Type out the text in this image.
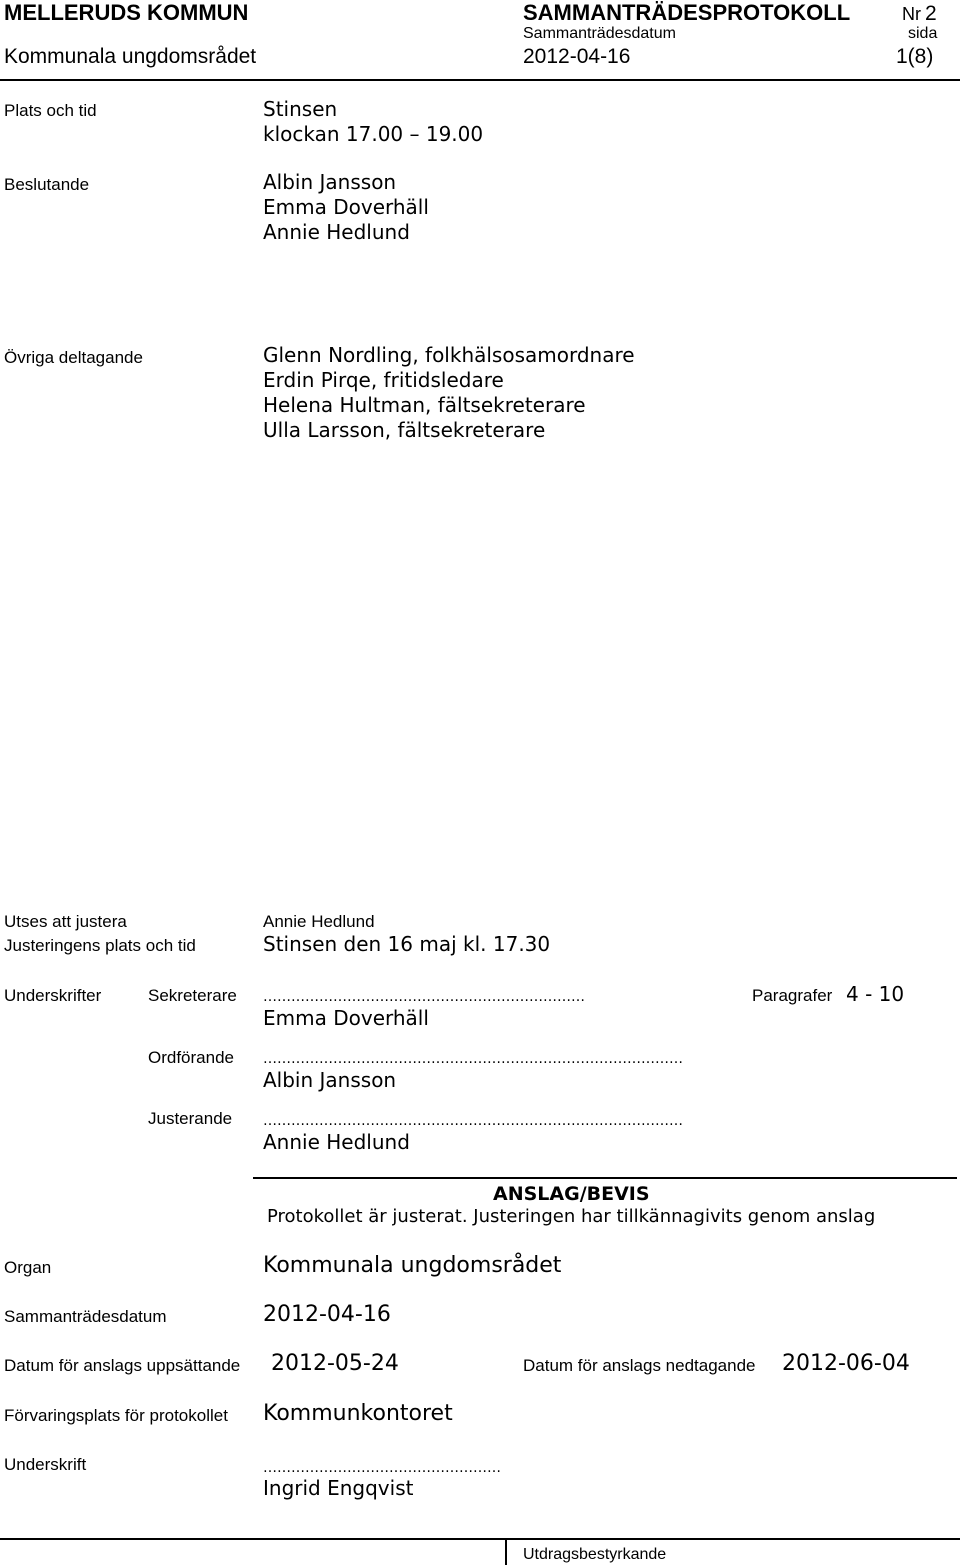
MELLERUDS KOMMUN	SAMMANTRÄDESPROTOKOLL	Nr 2
Sammanträdesdatum	sida
Kommunala ungdomsrådet	2012-04-16	1(8)
Plats och tid	Stinsen
klockan 17.00 – 19.00
Beslutande	Albin Jansson
Emma Doverhäll
Annie Hedlund
Övriga deltagande	Glenn Nordling, folkhälsosamordnare
Erdin Pirqe, fritidsledare
Helena Hultman, fältsekreterare
Ulla Larsson, fältsekreterare
Utses att justera	Annie Hedlund
Justeringens plats och tid	Stinsen den 16 maj kl. 17.30
Underskrifter	Sekreterare ……………………………………………………………	Paragrafer 4 - 10
Emma Doverhäll
Ordförande ………………………………………………………………………………
Albin Jansson
Justerande ………………………………………………………………………………
Annie Hedlund
ANSLAG/BEVIS
Protokollet är justerat. Justeringen har tillkännagivits genom anslag
Organ	Kommunala ungdomsrådet
Sammanträdesdatum	2012-04-16
Datum för anslags uppsättande 2012-05-24	Datum för anslags nedtagande 2012-06-04
Förvaringsplats för protokollet Kommunkontoret
Underskrift	……………………………………………
Ingrid Engqvist
Utdragsbestyrkande
